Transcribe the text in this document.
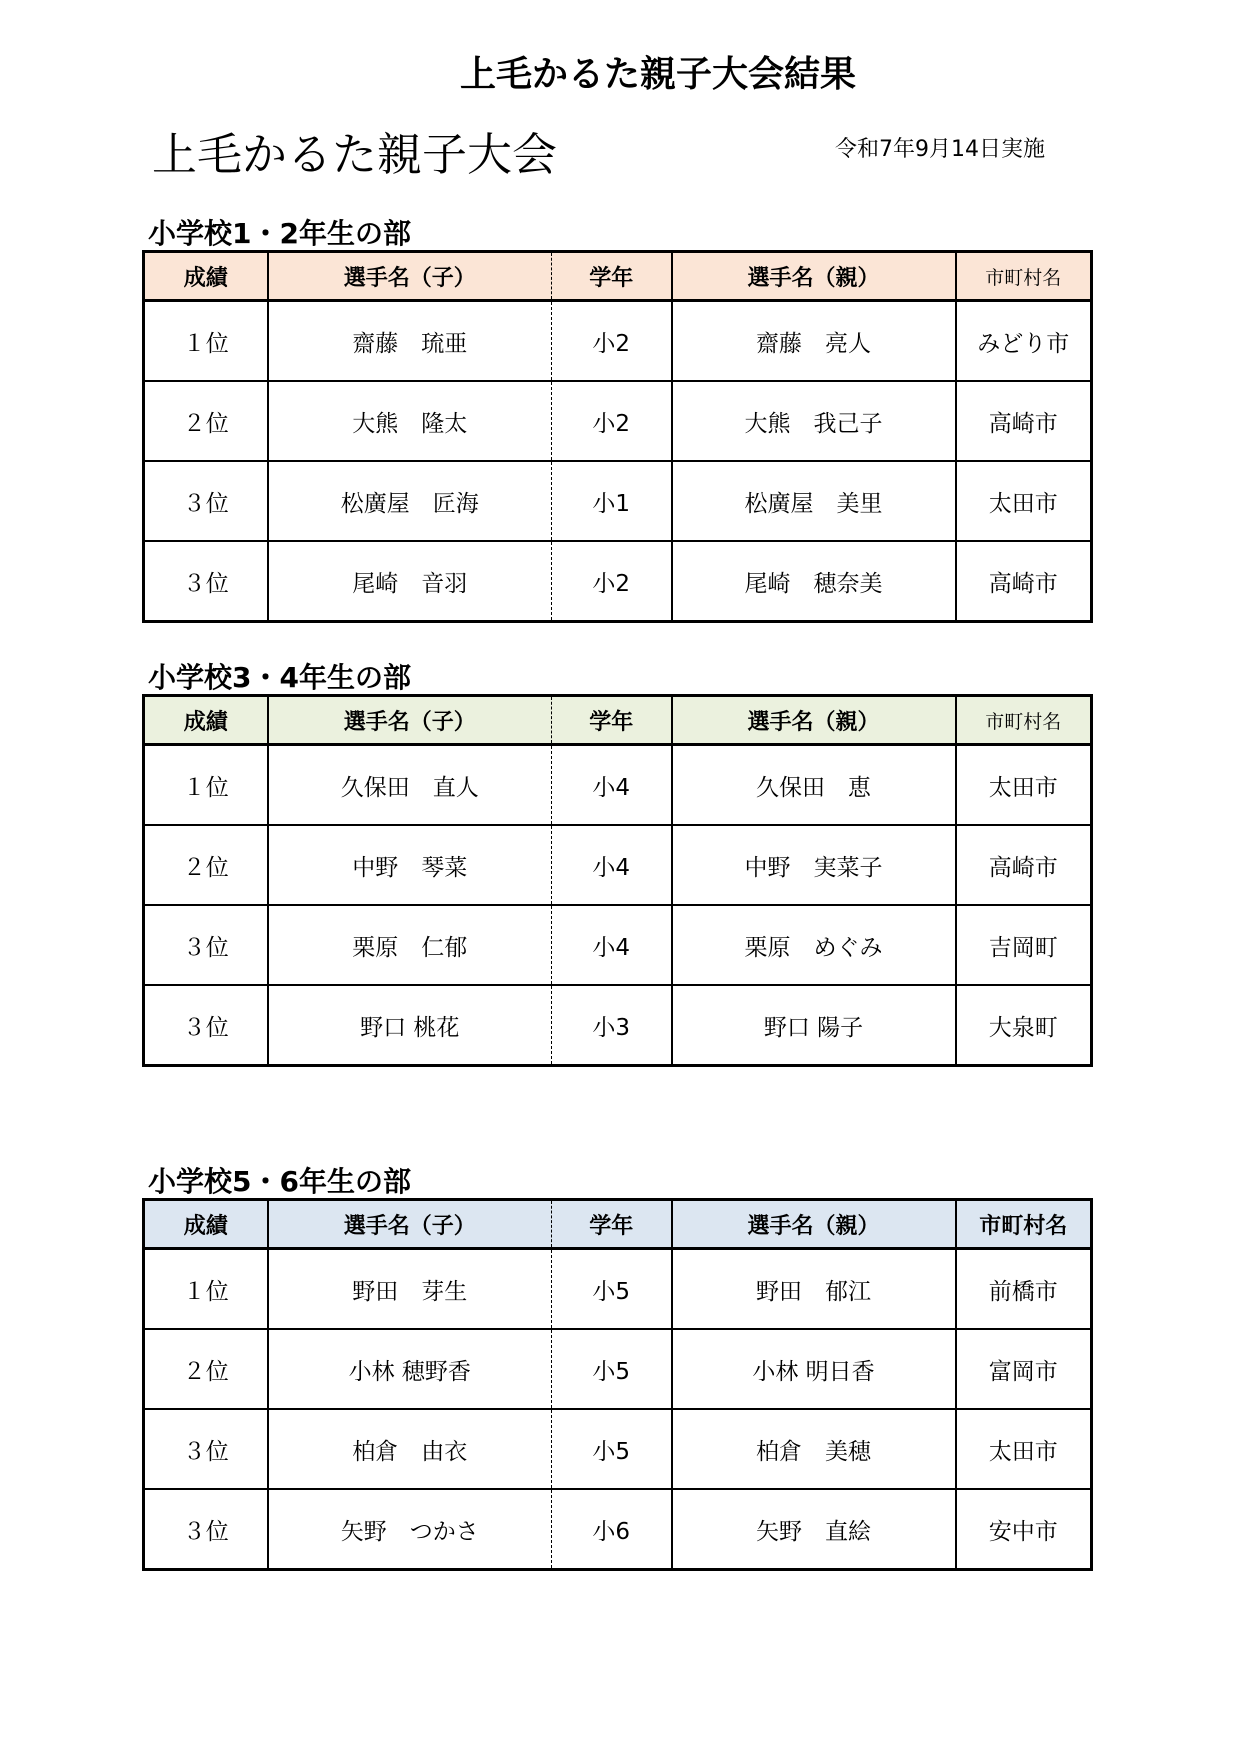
上毛かるた親子大会結果
上毛かるた親子大会	令和7年9月14日実施
小学校1・2年生の部
成績	選手名（子）	学年	選手名（親）	市町村名
１位	齋藤　琉亜	小2	齋藤　亮人	みどり市
２位	大熊　隆太	小2	大熊　我己子	高崎市
３位	松廣屋　匠海	小1	松廣屋　美里	太田市
３位	尾崎　音羽	小2	尾崎　穂奈美	高崎市
小学校3・4年生の部
成績	選手名（子）	学年	選手名（親）	市町村名
１位	久保田　直人	小4	久保田　恵	太田市
２位	中野　琴菜	小4	中野　実菜子	高崎市
３位	栗原　仁郁	小4	栗原　めぐみ	吉岡町
３位	野口 桃花	小3	野口 陽子	大泉町
小学校5・6年生の部
成績	選手名（子）	学年	選手名（親）	市町村名
１位	野田　芽生	小5	野田　郁江	前橋市
２位	小林 穂野香	小5	小林 明日香	富岡市
３位	柏倉　由衣	小5	柏倉　美穂	太田市
３位	矢野　つかさ	小6	矢野　直絵	安中市
